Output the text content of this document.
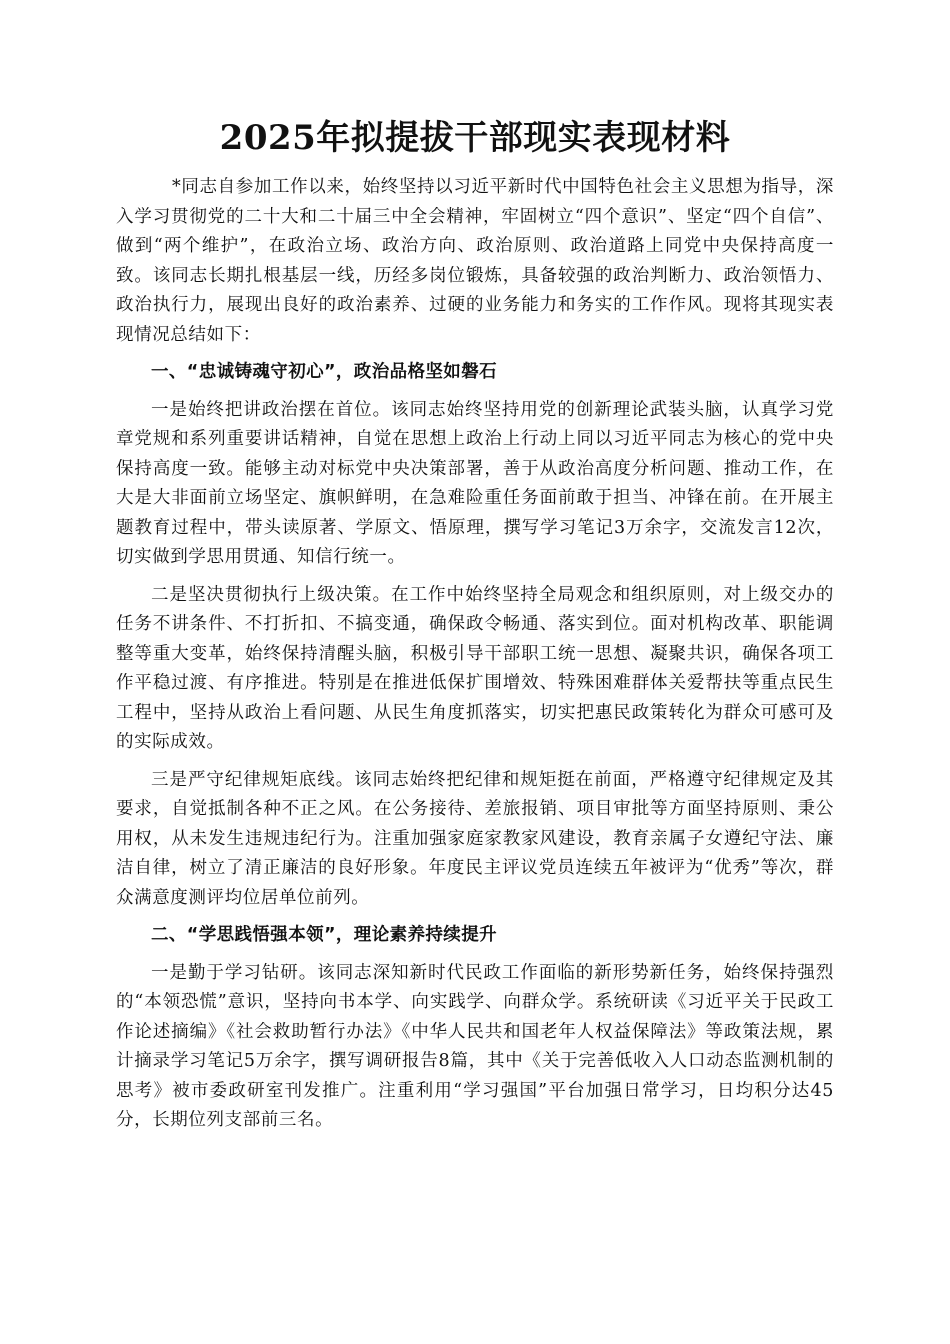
2025年拟提拔干部现实表现材料

*同志自参加工作以来，始终坚持以习近平新时代中国特色社会主义思想为指导，深入学习贯彻党的二十大和二十届三中全会精神，牢固树立“四个意识”、坚定“四个自信”、做到“两个维护”，在政治立场、政治方向、政治原则、政治道路上同党中央保持高度一致。该同志长期扎根基层一线，历经多岗位锻炼，具备较强的政治判断力、政治领悟力、政治执行力，展现出良好的政治素养、过硬的业务能力和务实的工作作风。现将其现实表现情况总结如下：

一、“忠诚铸魂守初心”，政治品格坚如磐石

一是始终把讲政治摆在首位。该同志始终坚持用党的创新理论武装头脑，认真学习党章党规和系列重要讲话精神，自觉在思想上政治上行动上同以习近平同志为核心的党中央保持高度一致。能够主动对标党中央决策部署，善于从政治高度分析问题、推动工作，在大是大非面前立场坚定、旗帜鲜明，在急难险重任务面前敢于担当、冲锋在前。在开展主题教育过程中，带头读原著、学原文、悟原理，撰写学习笔记3万余字，交流发言12次，切实做到学思用贯通、知信行统一。

二是坚决贯彻执行上级决策。在工作中始终坚持全局观念和组织原则，对上级交办的任务不讲条件、不打折扣、不搞变通，确保政令畅通、落实到位。面对机构改革、职能调整等重大变革，始终保持清醒头脑，积极引导干部职工统一思想、凝聚共识，确保各项工作平稳过渡、有序推进。特别是在推进低保扩围增效、特殊困难群体关爱帮扶等重点民生工程中，坚持从政治上看问题、从民生角度抓落实，切实把惠民政策转化为群众可感可及的实际成效。

三是严守纪律规矩底线。该同志始终把纪律和规矩挺在前面，严格遵守纪律规定及其要求，自觉抵制各种不正之风。在公务接待、差旅报销、项目审批等方面坚持原则、秉公用权，从未发生违规违纪行为。注重加强家庭家教家风建设，教育亲属子女遵纪守法、廉洁自律，树立了清正廉洁的良好形象。年度民主评议党员连续五年被评为“优秀”等次，群众满意度测评均位居单位前列。

二、“学思践悟强本领”，理论素养持续提升

一是勤于学习钻研。该同志深知新时代民政工作面临的新形势新任务，始终保持强烈的“本领恐慌”意识，坚持向书本学、向实践学、向群众学。系统研读《习近平关于民政工作论述摘编》《社会救助暂行办法》《中华人民共和国老年人权益保障法》等政策法规，累计摘录学习笔记5万余字，撰写调研报告8篇，其中《关于完善低收入人口动态监测机制的思考》被市委政研室刊发推广。注重利用“学习强国”平台加强日常学习，日均积分达45分，长期位列支部前三名。
